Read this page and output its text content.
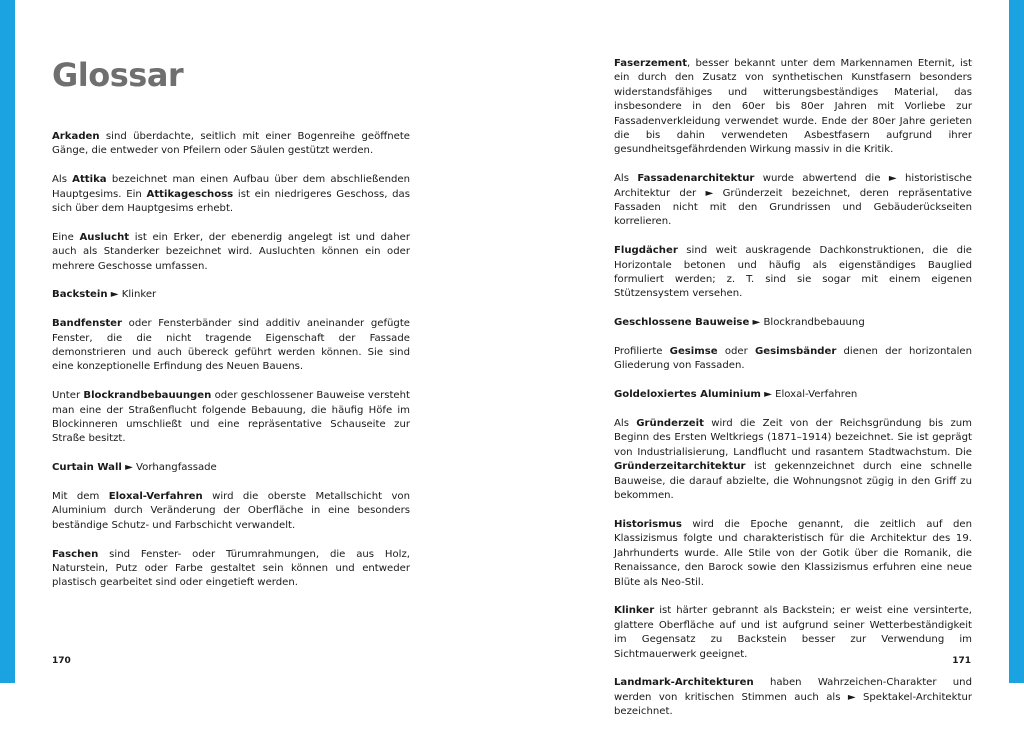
Glossar

Arkaden sind überdachte, seitlich mit einer Bogenreihe geöffnete Gänge, die entweder von Pfeilern oder Säulen gestützt werden.

Als Attika bezeichnet man einen Aufbau über dem abschließenden Hauptgesims. Ein Attikageschoss ist ein niedrigeres Geschoss, das sich über dem Hauptgesims erhebt.

Eine Auslucht ist ein Erker, der ebenerdig angelegt ist und daher auch als Standerker bezeichnet wird. Ausluchten können ein oder mehrere Geschosse umfassen.

Backstein ► Klinker

Bandfenster oder Fensterbänder sind additiv aneinander gefügte Fenster, die die nicht tragende Eigenschaft der Fassade demonstrieren und auch übereck geführt werden können. Sie sind eine konzeptionelle Erfindung des Neuen Bauens.

Unter Blockrandbebauungen oder geschlossener Bauweise versteht man eine der Straßenflucht folgende Bebauung, die häufig Höfe im Blockinneren umschließt und eine repräsentative Schauseite zur Straße besitzt.

Curtain Wall ► Vorhangfassade

Mit dem Eloxal-Verfahren wird die oberste Metallschicht von Aluminium durch Veränderung der Oberfläche in eine besonders beständige Schutz- und Farbschicht verwandelt.

Faschen sind Fenster- oder Türumrahmungen, die aus Holz, Naturstein, Putz oder Farbe gestaltet sein können und entweder plastisch gearbeitet sind oder eingetieft werden.

170

Faserzement, besser bekannt unter dem Markennamen Eternit, ist ein durch den Zusatz von synthetischen Kunstfasern besonders widerstandsfähiges und witterungsbeständiges Material, das insbesondere in den 60er bis 80er Jahren mit Vorliebe zur Fassadenverkleidung verwendet wurde. Ende der 80er Jahre gerieten die bis dahin verwendeten Asbestfasern aufgrund ihrer gesundheitsgefährdenden Wirkung massiv in die Kritik.

Als Fassadenarchitektur wurde abwertend die ► historistische Architektur der ► Gründerzeit bezeichnet, deren repräsentative Fassaden nicht mit den Grundrissen und Gebäuderückseiten korrelieren.

Flugdächer sind weit auskragende Dachkonstruktionen, die die Horizontale betonen und häufig als eigenständiges Bauglied formuliert werden; z. T. sind sie sogar mit einem eigenen Stützensystem versehen.

Geschlossene Bauweise ► Blockrandbebauung

Profilierte Gesimse oder Gesimsbänder dienen der horizontalen Gliederung von Fassaden.

Goldeloxiertes Aluminium ► Eloxal-Verfahren

Als Gründerzeit wird die Zeit von der Reichsgründung bis zum Beginn des Ersten Weltkriegs (1871–1914) bezeichnet. Sie ist geprägt von Industrialisierung, Landflucht und rasantem Stadtwachstum. Die Gründerzeitarchitektur ist gekennzeichnet durch eine schnelle Bauweise, die darauf abzielte, die Wohnungsnot zügig in den Griff zu bekommen.

Historismus wird die Epoche genannt, die zeitlich auf den Klassizismus folgte und charakteristisch für die Architektur des 19. Jahrhunderts wurde. Alle Stile von der Gotik über die Romanik, die Renaissance, den Barock sowie den Klassizismus erfuhren eine neue Blüte als Neo-Stil.

Klinker ist härter gebrannt als Backstein; er weist eine versinterte, glattere Oberfläche auf und ist aufgrund seiner Wetterbeständigkeit im Gegensatz zu Backstein besser zur Verwendung im Sichtmauerwerk geeignet.

Landmark-Architekturen haben Wahrzeichen-Charakter und werden von kritischen Stimmen auch als ► Spektakel-Architektur bezeichnet.

171
